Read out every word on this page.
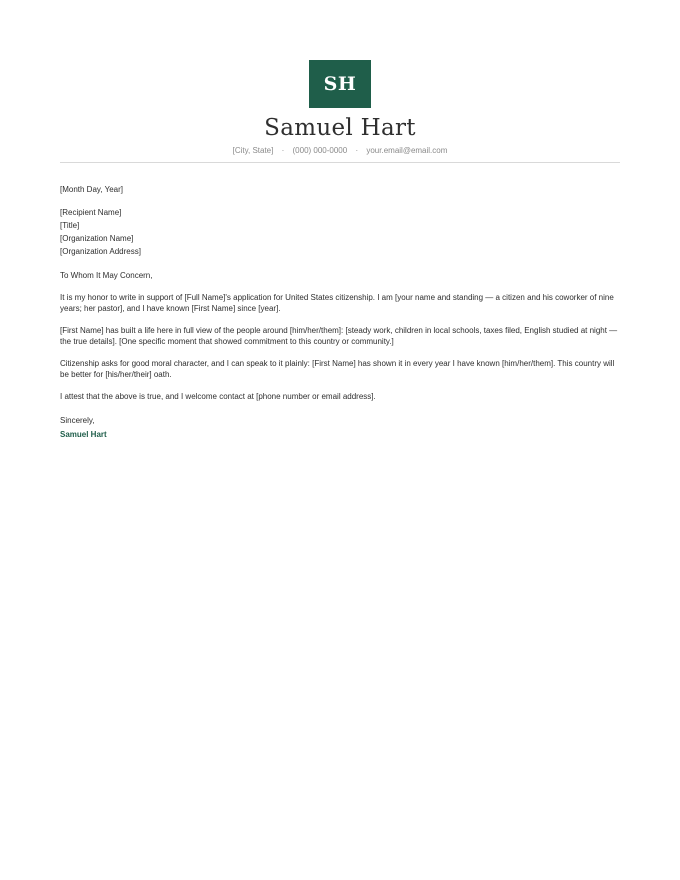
SH
Samuel Hart
[City, State] · (000) 000-0000 · your.email@email.com

[Month Day, Year]

[Recipient Name]

[Title]

[Organization Name]

[Organization Address]

To Whom It May Concern,

It is my honor to write in support of [Full Name]'s application for United States citizenship. I am [your name and standing — a citizen and his coworker of nine years; her pastor], and I have known [First Name] since [year].

[First Name] has built a life here in full view of the people around [him/her/them]: [steady work, children in local schools, taxes filed, English studied at night — the true details]. [One specific moment that showed commitment to this country or community.]

Citizenship asks for good moral character, and I can speak to it plainly: [First Name] has shown it in every year I have known [him/her/them]. This country will be better for [his/her/their] oath.

I attest that the above is true, and I welcome contact at [phone number or email address].

Sincerely,

Samuel Hart
